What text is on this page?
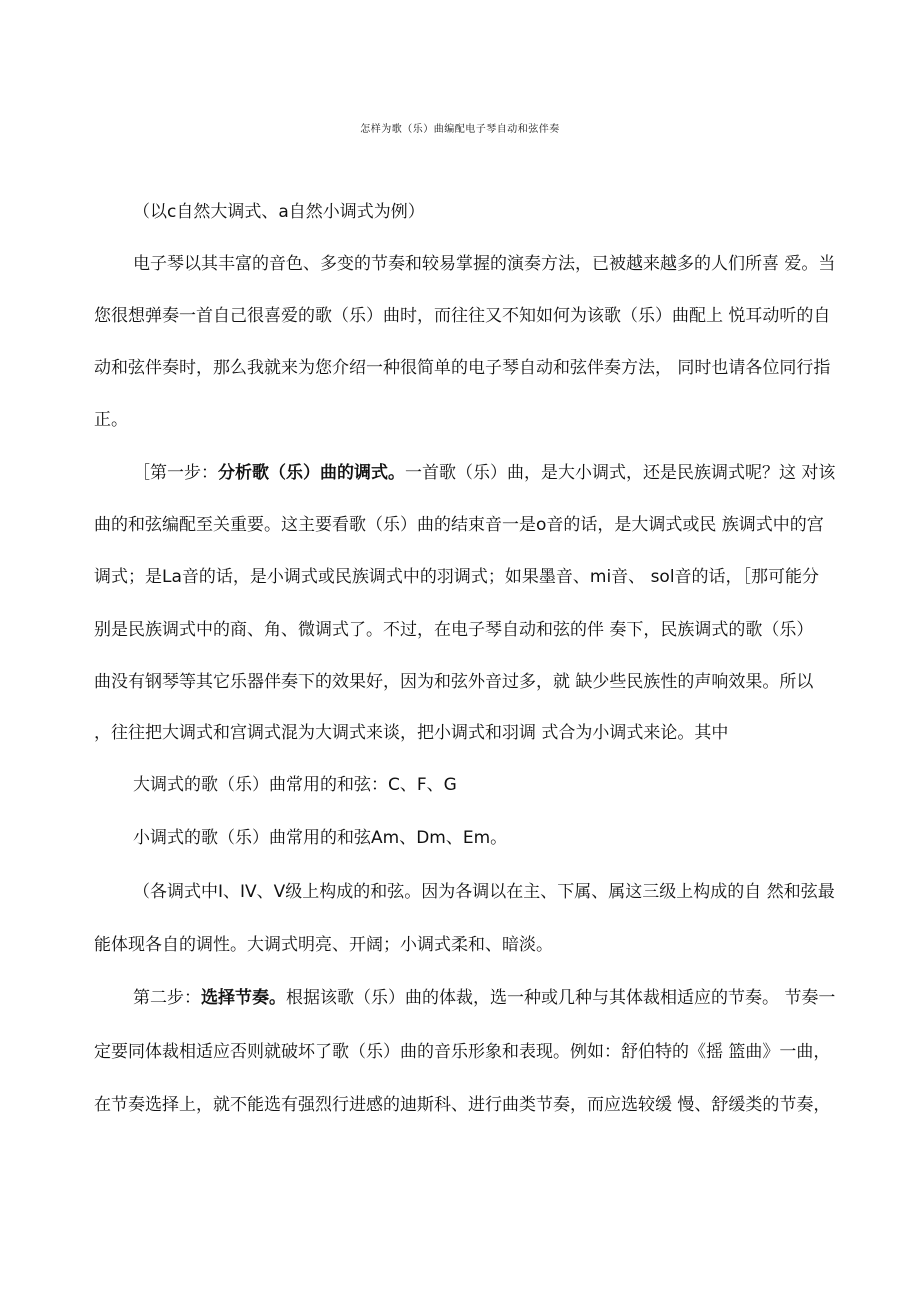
怎样为歌（乐）曲编配电子琴自动和弦伴奏
（以c自然大调式、a自然小调式为例）
电子琴以其丰富的音色、多变的节奏和较易掌握的演奏方法，已被越来越多的人们所喜 爱。当
您很想弹奏一首自己很喜爱的歌（乐）曲时，而往往又不知如何为该歌（乐）曲配上 悦耳动听的自
动和弦伴奏时，那么我就来为您介绍一种很简单的电子琴自动和弦伴奏方法， 同时也请各位同行指
正。
［第一步：分析歌（乐）曲的调式。一首歌（乐）曲，是大小调式，还是民族调式呢？这 对该
曲的和弦编配至关重要。这主要看歌（乐）曲的结束音一是o音的话，是大调式或民 族调式中的宫
调式；是La音的话，是小调式或民族调式中的羽调式；如果墨音、mi音、 sol音的话，［那可能分
别是民族调式中的商、角、微调式了。不过，在电子琴自动和弦的伴 奏下，民族调式的歌（乐）
曲没有钢琴等其它乐器伴奏下的效果好，因为和弦外音过多，就 缺少些民族性的声响效果。所以
，往往把大调式和宫调式混为大调式来谈，把小调式和羽调 式合为小调式来论。其中
大调式的歌（乐）曲常用的和弦：C、F、G
小调式的歌（乐）曲常用的和弦Am、Dm、Em。
（各调式中I、IV、V级上构成的和弦。因为各调以在主、下属、属这三级上构成的自 然和弦最
能体现各自的调性。大调式明亮、开阔；小调式柔和、暗淡。
第二步：选择节奏。根据该歌（乐）曲的体裁，选一种或几种与其体裁相适应的节奏。 节奏一
定要同体裁相适应否则就破坏了歌（乐）曲的音乐形象和表现。例如：舒伯特的《摇 篮曲》一曲，
在节奏选择上，就不能选有强烈行进感的迪斯科、进行曲类节奏，而应选较缓 慢、舒缓类的节奏，
